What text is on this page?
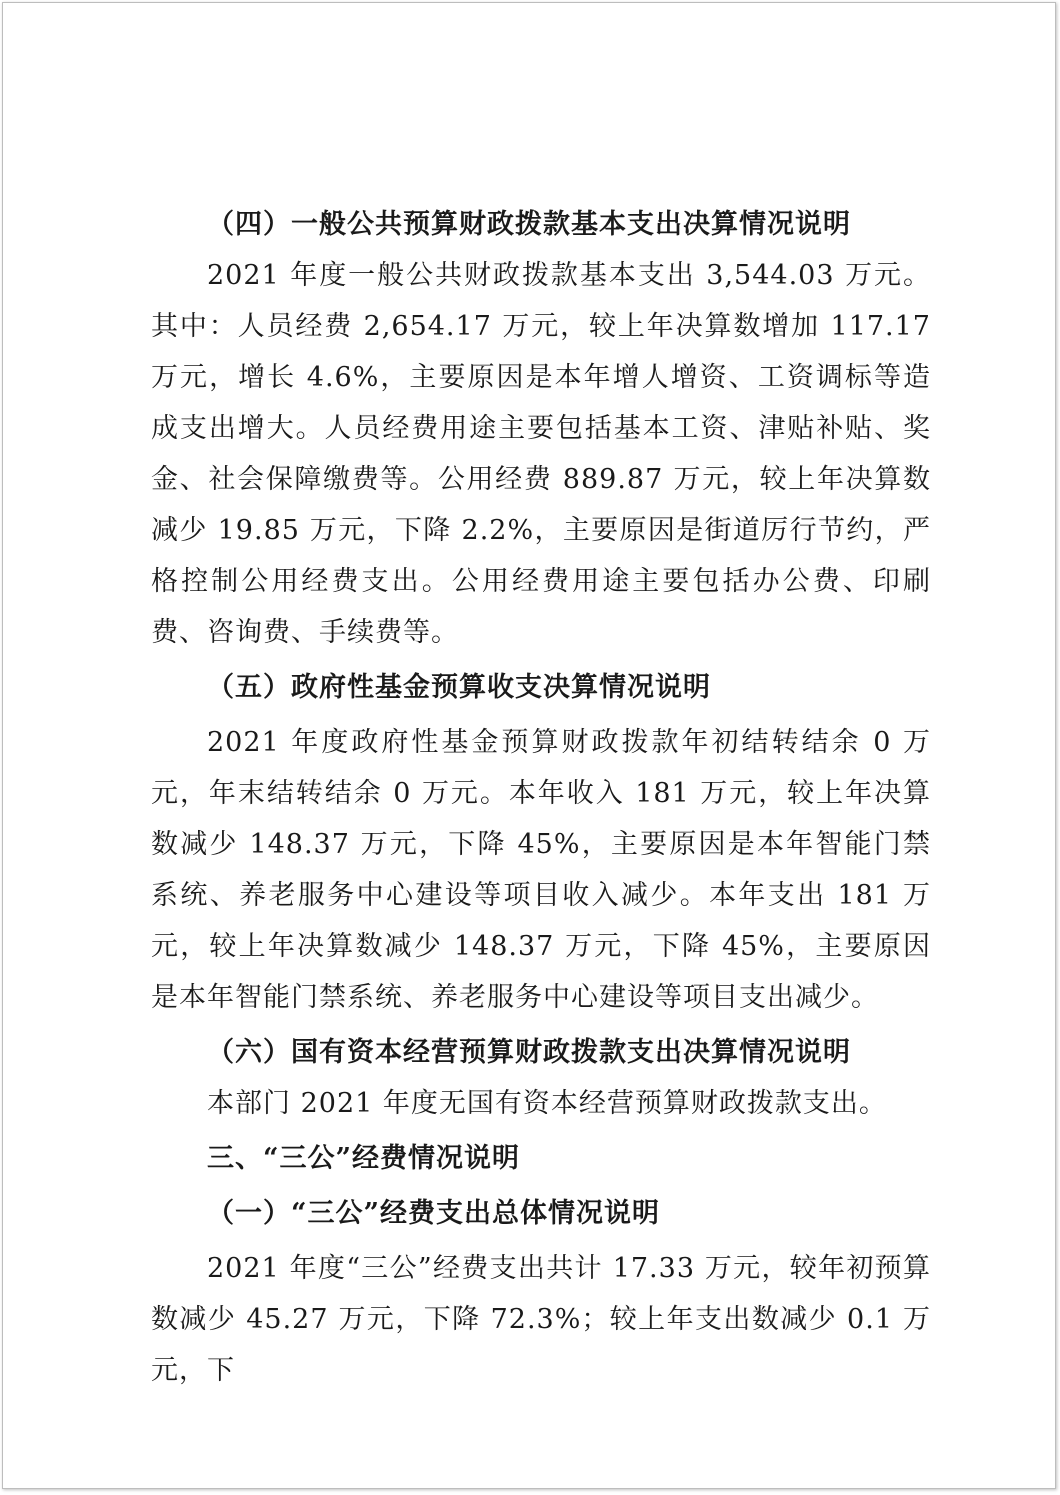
（四）一般公共预算财政拨款基本支出决算情况说明

2021 年度一般公共财政拨款基本支出 3,544.03 万元。其中：人员经费 2,654.17 万元，较上年决算数增加 117.17 万元，增长 4.6%，主要原因是本年增人增资、工资调标等造成支出增大。人员经费用途主要包括基本工资、津贴补贴、奖金、社会保障缴费等。公用经费 889.87 万元，较上年决算数减少 19.85 万元，下降 2.2%，主要原因是街道厉行节约，严格控制公用经费支出。公用经费用途主要包括办公费、印刷费、咨询费、手续费等。

（五）政府性基金预算收支决算情况说明

2021 年度政府性基金预算财政拨款年初结转结余 0 万元，年末结转结余 0 万元。本年收入 181 万元，较上年决算数减少 148.37 万元，下降 45%，主要原因是本年智能门禁系统、养老服务中心建设等项目收入减少。本年支出 181 万元，较上年决算数减少 148.37 万元，下降 45%，主要原因是本年智能门禁系统、养老服务中心建设等项目支出减少。

（六）国有资本经营预算财政拨款支出决算情况说明

本部门 2021 年度无国有资本经营预算财政拨款支出。

三、“三公”经费情况说明

（一）“三公”经费支出总体情况说明

2021 年度“三公”经费支出共计 17.33 万元，较年初预算数减少 45.27 万元，下降 72.3%；较上年支出数减少 0.1 万元，下
